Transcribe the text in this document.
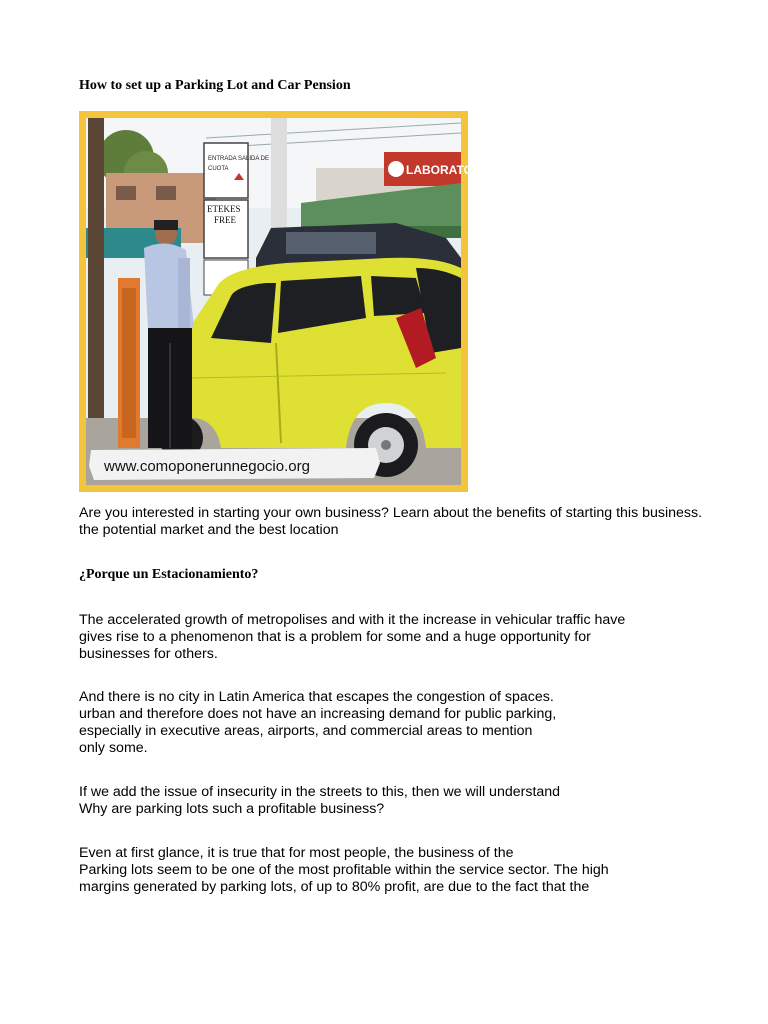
How to set up a Parking Lot and Car Pension
LABORATO
ENTRADA SALIDA DE
CUOTA
ETEKES
FREE
www.comoponerunnegocio.org
Are you interested in starting your own business? Learn about the benefits of starting this business.
the potential market and the best location
¿Porque un Estacionamiento?
The accelerated growth of metropolises and with it the increase in vehicular traffic have
gives rise to a phenomenon that is a problem for some and a huge opportunity for
businesses for others.
And there is no city in Latin America that escapes the congestion of spaces.
urban and therefore does not have an increasing demand for public parking,
especially in executive areas, airports, and commercial areas to mention
only some.
If we add the issue of insecurity in the streets to this, then we will understand
Why are parking lots such a profitable business?
Even at first glance, it is true that for most people, the business of the
Parking lots seem to be one of the most profitable within the service sector. The high
margins generated by parking lots, of up to 80% profit, are due to the fact that the
